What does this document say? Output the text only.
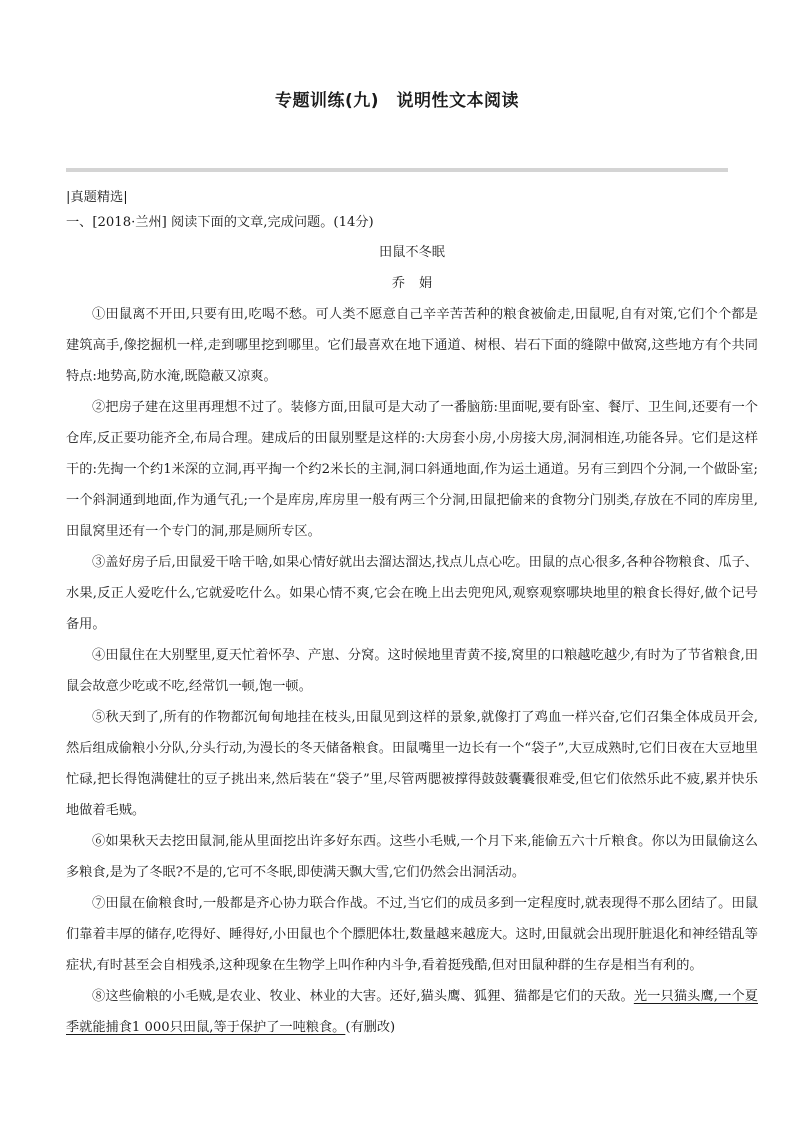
专题训练(九)　说明性文本阅读
|真题精选|
一、[2018·兰州] 阅读下面的文章,完成问题。(14分)
田鼠不冬眠
乔娟

①田鼠离不开田,只要有田,吃喝不愁。可人类不愿意自己辛辛苦苦种的粮食被偷走,田鼠呢,自有对策,它们个个都是建筑高手,像挖掘机一样,走到哪里挖到哪里。它们最喜欢在地下通道、树根、岩石下面的缝隙中做窝,这些地方有个共同特点:地势高,防水淹,既隐蔽又凉爽。

②把房子建在这里再理想不过了。装修方面,田鼠可是大动了一番脑筋:里面呢,要有卧室、餐厅、卫生间,还要有一个仓库,反正要功能齐全,布局合理。建成后的田鼠别墅是这样的:大房套小房,小房接大房,洞洞相连,功能各异。它们是这样干的:先掏一个约1米深的立洞,再平掏一个约2米长的主洞,洞口斜通地面,作为运土通道。另有三到四个分洞,一个做卧室;一个斜洞通到地面,作为通气孔;一个是库房,库房里一般有两三个分洞,田鼠把偷来的食物分门别类,存放在不同的库房里,田鼠窝里还有一个专门的洞,那是厕所专区。

③盖好房子后,田鼠爱干啥干啥,如果心情好就出去溜达溜达,找点儿点心吃。田鼠的点心很多,各种谷物粮食、瓜子、水果,反正人爱吃什么,它就爱吃什么。如果心情不爽,它会在晚上出去兜兜风,观察观察哪块地里的粮食长得好,做个记号备用。

④田鼠住在大别墅里,夏天忙着怀孕、产崽、分窝。这时候地里青黄不接,窝里的口粮越吃越少,有时为了节省粮食,田鼠会故意少吃或不吃,经常饥一顿,饱一顿。

⑤秋天到了,所有的作物都沉甸甸地挂在枝头,田鼠见到这样的景象,就像打了鸡血一样兴奋,它们召集全体成员开会,然后组成偷粮小分队,分头行动,为漫长的冬天储备粮食。田鼠嘴里一边长有一个“袋子”,大豆成熟时,它们日夜在大豆地里忙碌,把长得饱满健壮的豆子挑出来,然后装在“袋子”里,尽管两腮被撑得鼓鼓囊囊很难受,但它们依然乐此不疲,累并快乐地做着毛贼。

⑥如果秋天去挖田鼠洞,能从里面挖出许多好东西。这些小毛贼,一个月下来,能偷五六十斤粮食。你以为田鼠偷这么多粮食,是为了冬眠?不是的,它可不冬眠,即使满天飘大雪,它们仍然会出洞活动。

⑦田鼠在偷粮食时,一般都是齐心协力联合作战。不过,当它们的成员多到一定程度时,就表现得不那么团结了。田鼠们靠着丰厚的储存,吃得好、睡得好,小田鼠也个个膘肥体壮,数量越来越庞大。这时,田鼠就会出现肝脏退化和神经错乱等症状,有时甚至会自相残杀,这种现象在生物学上叫作种内斗争,看着挺残酷,但对田鼠种群的生存是相当有利的。

⑧这些偷粮的小毛贼,是农业、牧业、林业的大害。还好,猫头鹰、狐狸、猫都是它们的天敌。光一只猫头鹰,一个夏季就能捕食1 000只田鼠,等于保护了一吨粮食。(有删改)
